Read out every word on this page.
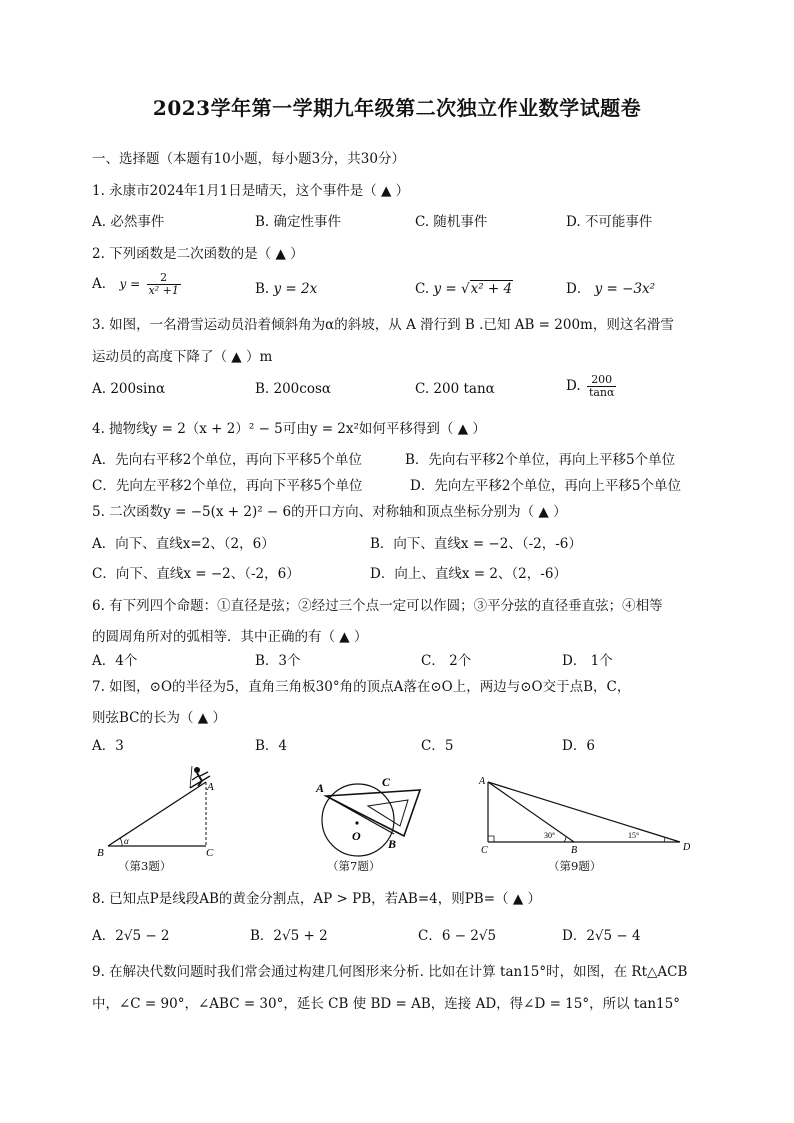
2023学年第一学期九年级第二次独立作业数学试题卷
一、选择题（本题有10小题，每小题3分，共30分）
1. 永康市2024年1月1日是晴天，这个事件是（ ▲ ）
A. 必然事件	B. 确定性事件	C. 随机事件	D. 不可能事件
2. 下列函数是二次函数的是（ ▲ ）
A． $y = \frac{2}{\text{x² +1}}$	B. y = 2x	C. y = √x² + 4	D． y = −3x²
3. 如图，一名滑雪运动员沿着倾斜角为α的斜坡，从 A 滑行到 B .已知 AB = 200m，则这名滑雪
运动员的高度下降了（ ▲ ）m
A. 200sinα	B. 200cosα	C. 200 tanα	D. $\frac{200}{\tan\alpha}$
4. 抛物线y = 2（x + 2）² − 5可由y = 2x²如何平移得到（ ▲ ）
A．先向右平移2个单位，再向下平移5个单位	B．先向右平移2个单位，再向上平移5个单位
C．先向左平移2个单位，再向下平移5个单位	D．先向左平移2个单位，再向上平移5个单位
5. 二次函数y = −5(x + 2)² − 6的开口方向、对称轴和顶点坐标分别为（ ▲ ）
A．向下、直线x=2、（2，6）	B．向下、直线x = −2、（-2，-6）
C．向下、直线x = −2、（-2，6）	D．向上、直线x = 2、（2，-6）
6. 有下列四个命题：①直径是弦；②经过三个点一定可以作圆；③平分弦的直径垂直弦；④相等
的圆周角所对的弧相等．其中正确的有（ ▲ ）
A．4个	B．3个	C． 2个	D． 1个
7. 如图，⊙O的半径为5，直角三角板30°角的顶点A落在⊙O上，两边与⊙O交于点B，C，
则弦BC的长为（ ▲ ）
A．3	B．4	C．5	D．6
A
B	C
α
（第3题）
A
B
C
O
（第7题）
A
C	B	D
30°	15°
（第9题）
8. 已知点P是线段AB的黄金分割点，AP > PB，若AB=4，则PB=（ ▲ ）
A．2√5 − 2	B．2√5 + 2	C．6 − 2√5	D．2√5 − 4
9. 在解决代数问题时我们常会通过构建几何图形来分析. 比如在计算 tan15°时，如图，在 Rt△ACB
中，∠C = 90°，∠ABC = 30°，延长 CB 使 BD = AB，连接 AD，得∠D = 15°，所以 tan15°
